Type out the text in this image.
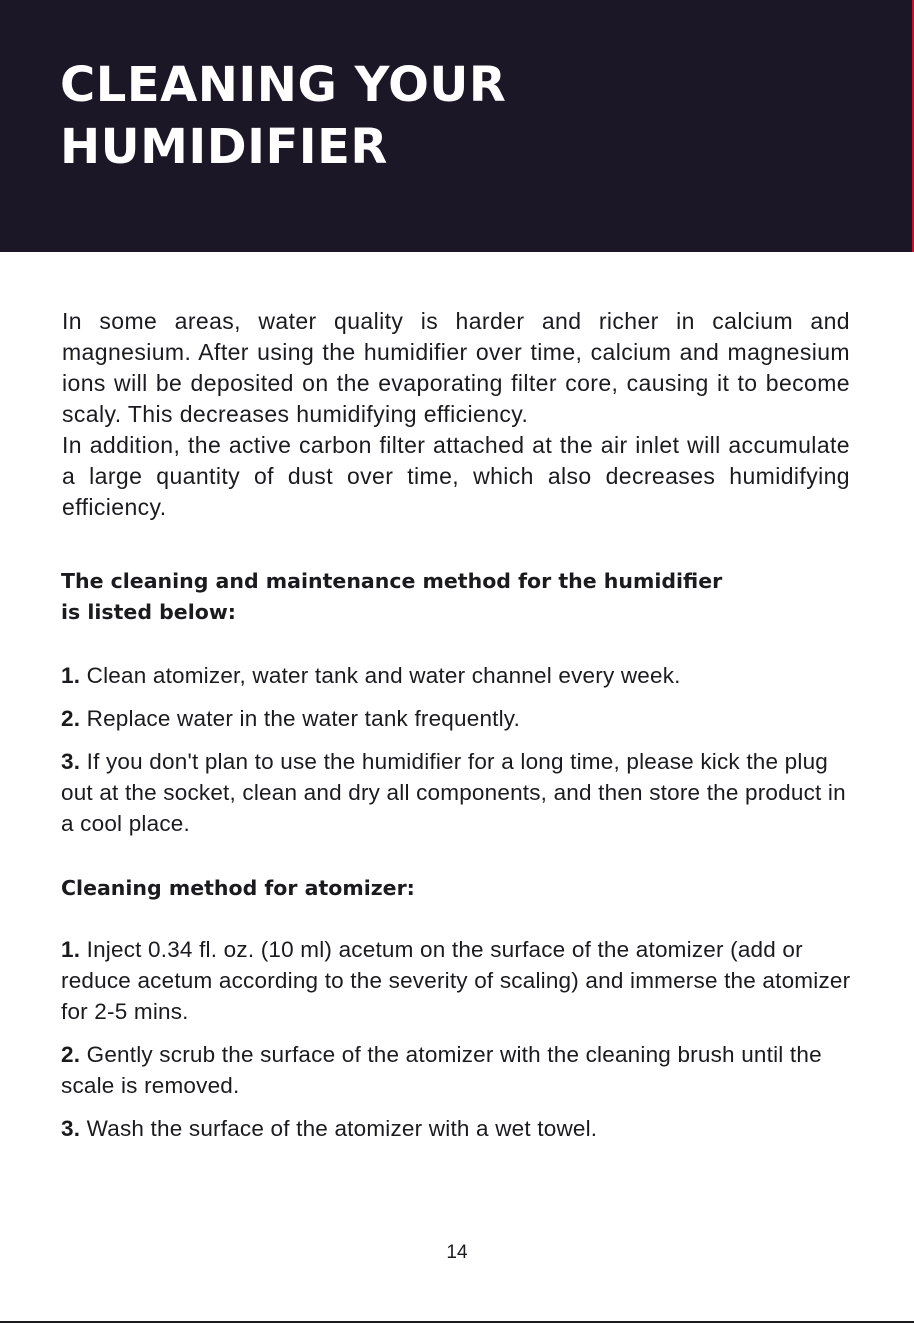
CLEANING YOUR
HUMIDIFIER

In some areas, water quality is harder and richer in calcium and magnesium. After using the humidifier over time, calcium and magnesium ions will be deposited on the evaporating filter core, causing it to become scaly. This decreases humidifying efficiency.

In addition, the active carbon filter attached at the air inlet will accumulate a large quantity of dust over time, which also decreases humidifying efficiency.

The cleaning and maintenance method for the humidifier
is listed below:

1. Clean atomizer, water tank and water channel every week.

2. Replace water in the water tank frequently.

3. If you don't plan to use the humidifier for a long time, please kick the plug out at the socket, clean and dry all components, and then store the product in a cool place.

Cleaning method for atomizer:

1. Inject 0.34 fl. oz. (10 ml) acetum on the surface of the atomizer (add or reduce acetum according to the severity of scaling) and immerse the atomizer for 2-5 mins.

2. Gently scrub the surface of the atomizer with the cleaning brush until the scale is removed.

3. Wash the surface of the atomizer with a wet towel.

14
